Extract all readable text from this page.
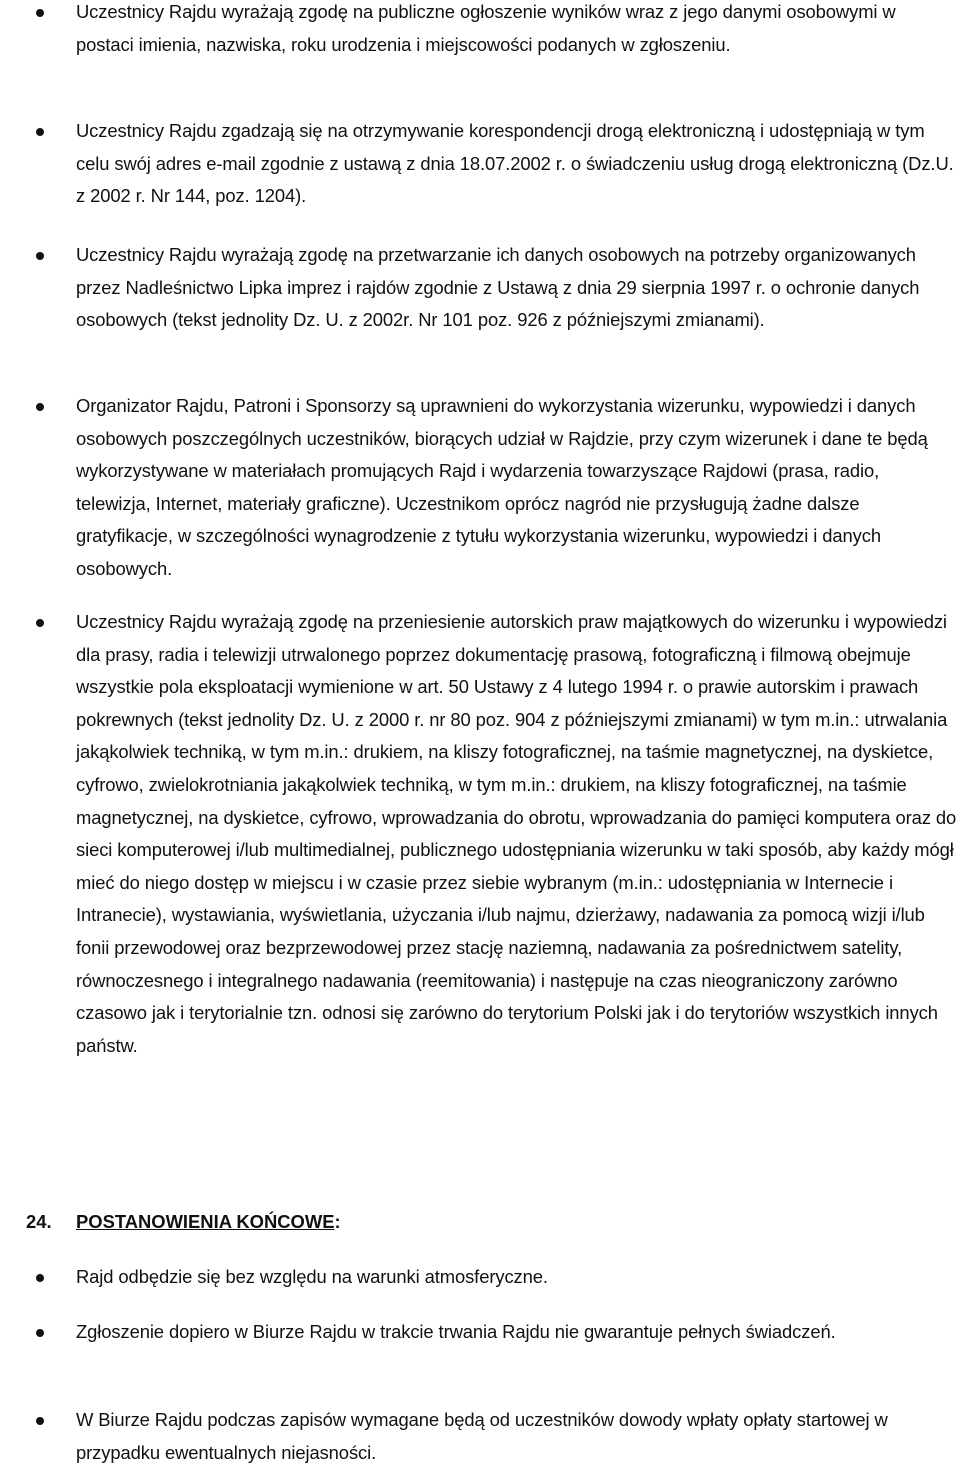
Uczestnicy Rajdu wyrażają zgodę na publiczne ogłoszenie wyników wraz z jego danymi osobowymi w postaci imienia, nazwiska, roku urodzenia i miejscowości podanych w zgłoszeniu.
Uczestnicy Rajdu zgadzają się na otrzymywanie korespondencji drogą elektroniczną i udostępniają w tym celu swój adres e-mail zgodnie z ustawą z dnia 18.07.2002 r. o świadczeniu usług drogą elektroniczną (Dz.U. z 2002 r. Nr 144, poz. 1204).
Uczestnicy Rajdu wyrażają zgodę na przetwarzanie ich danych osobowych na potrzeby organizowanych przez Nadleśnictwo Lipka imprez i rajdów zgodnie z Ustawą z dnia 29 sierpnia 1997 r. o ochronie danych osobowych (tekst jednolity Dz. U. z 2002r. Nr 101 poz. 926 z późniejszymi zmianami).
Organizator Rajdu, Patroni i Sponsorzy są uprawnieni do wykorzystania wizerunku, wypowiedzi i danych osobowych poszczególnych uczestników, biorących udział w Rajdzie, przy czym wizerunek i dane te będą wykorzystywane w materiałach promujących Rajd i wydarzenia towarzyszące Rajdowi (prasa, radio, telewizja, Internet, materiały graficzne). Uczestnikom oprócz nagród nie przysługują żadne dalsze gratyfikacje, w szczególności wynagrodzenie z tytułu wykorzystania wizerunku, wypowiedzi i danych osobowych.
Uczestnicy Rajdu wyrażają zgodę na przeniesienie autorskich praw majątkowych do wizerunku i wypowiedzi dla prasy, radia i telewizji utrwalonego poprzez dokumentację prasową, fotograficzną i filmową obejmuje wszystkie pola eksploatacji wymienione w art. 50 Ustawy z 4 lutego 1994 r. o prawie autorskim i prawach pokrewnych (tekst jednolity Dz. U. z 2000 r. nr 80 poz. 904 z późniejszymi zmianami) w tym m.in.: utrwalania jakąkolwiek techniką, w tym m.in.: drukiem, na kliszy fotograficznej, na taśmie magnetycznej, na dyskietce, cyfrowo, zwielokrotniania jakąkolwiek techniką, w tym m.in.: drukiem, na kliszy fotograficznej, na taśmie magnetycznej, na dyskietce, cyfrowo, wprowadzania do obrotu, wprowadzania do pamięci komputera oraz do sieci komputerowej i/lub multimedialnej, publicznego udostępniania wizerunku w taki sposób, aby każdy mógł mieć do niego dostęp w miejscu i w czasie przez siebie wybranym (m.in.: udostępniania w Internecie i Intranecie), wystawiania, wyświetlania, użyczania i/lub najmu, dzierżawy, nadawania za pomocą wizji i/lub fonii przewodowej oraz bezprzewodowej przez stację naziemną, nadawania za pośrednictwem satelity, równoczesnego i integralnego nadawania (reemitowania) i następuje na czas nieograniczony zarówno czasowo jak i terytorialnie tzn. odnosi się zarówno do terytorium Polski jak i do terytoriów wszystkich innych państw.
24. POSTANOWIENIA KOŃCOWE:
Rajd odbędzie się bez względu na warunki atmosferyczne.
Zgłoszenie dopiero w Biurze Rajdu w trakcie trwania Rajdu nie gwarantuje pełnych świadczeń.
W Biurze Rajdu podczas zapisów wymagane będą od uczestników dowody wpłaty opłaty startowej w przypadku ewentualnych niejasności.
